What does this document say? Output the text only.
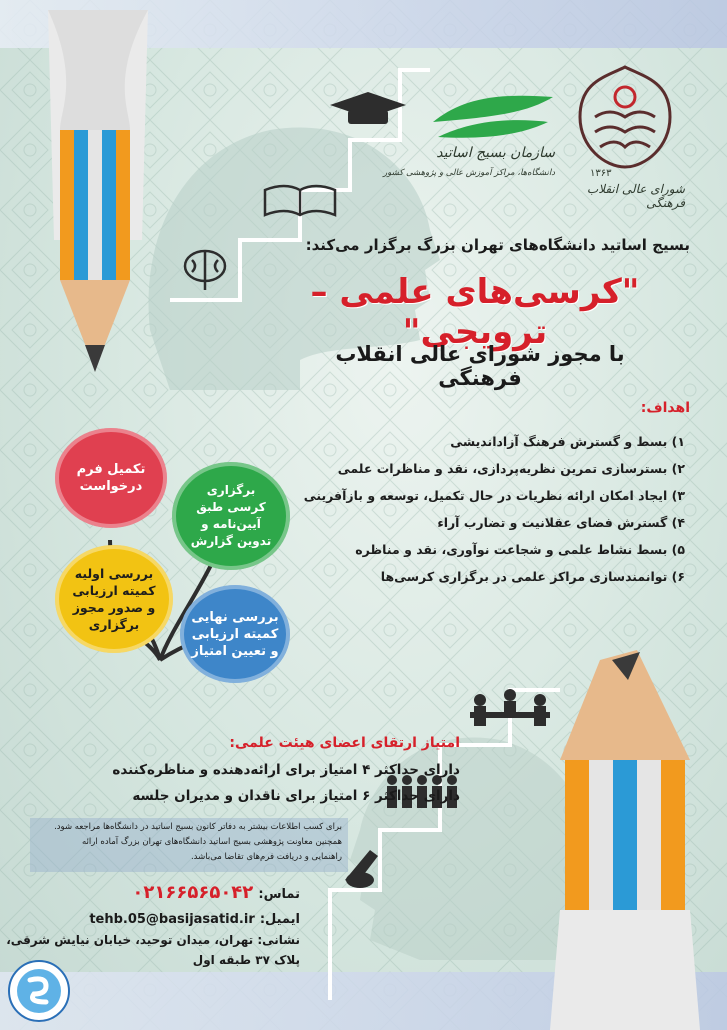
۱۳۶۳
شورای عالی انقلاب فرهنگی
سازمان بسیج اساتید
دانشگاه‌ها، مراکز آموزش عالی و پژوهشی کشور
بسیج اساتید دانشگاه‌های تهران بزرگ برگزار می‌کند:
"کرسی‌های علمی – ترویجی"
با مجوز شورای عالی انقلاب فرهنگی
اهداف:
۱) بسط و گسترش فرهنگ آزاداندیشی
۲) بسترسازی تمرین نظریه‌پردازی، نقد و مناظرات علمی
۳) ایجاد امکان ارائه نظریات در حال تکمیل، توسعه و بازآفرینی
۴) گسترش فضای عقلانیت و تضارب آراء
۵) بسط نشاط علمی و شجاعت نوآوری، نقد و مناظره
۶) توانمندسازی مراکز علمی در برگزاری کرسی‌ها
تکمیل فرم درخواست	برگزاری کرسی طبق آیین‌نامه و تدوین گزارش
بررسی اولیه کمیته ارزیابی و صدور مجوز برگزاری	بررسی نهایی کمیته ارزیابی و تعیین امتیاز
امتیاز ارتقای اعضای هیئت علمی:
دارای حداکثر ۴ امتیاز برای ارائه‌دهنده و مناظره‌کننده
دارای حداکثر ۶ امتیاز برای ناقدان و مدیران جلسه
برای کسب اطلاعات بیشتر به دفاتر کانون بسیج اساتید در دانشگاه‌ها مراجعه شود.
همچنین معاونت پژوهشی بسیج اساتید دانشگاه‌های تهران بزرگ آماده ارائه
راهنمایی و دریافت فرم‌های تقاضا می‌باشد.
تماس: ۰۲۱۶۶۵۶۵۰۴۲
ایمیل: tehb.05@basijasatid.ir
نشانی: تهران، میدان توحید، خیابان نیایش شرقی،
پلاک ۳۷ طبقه اول
